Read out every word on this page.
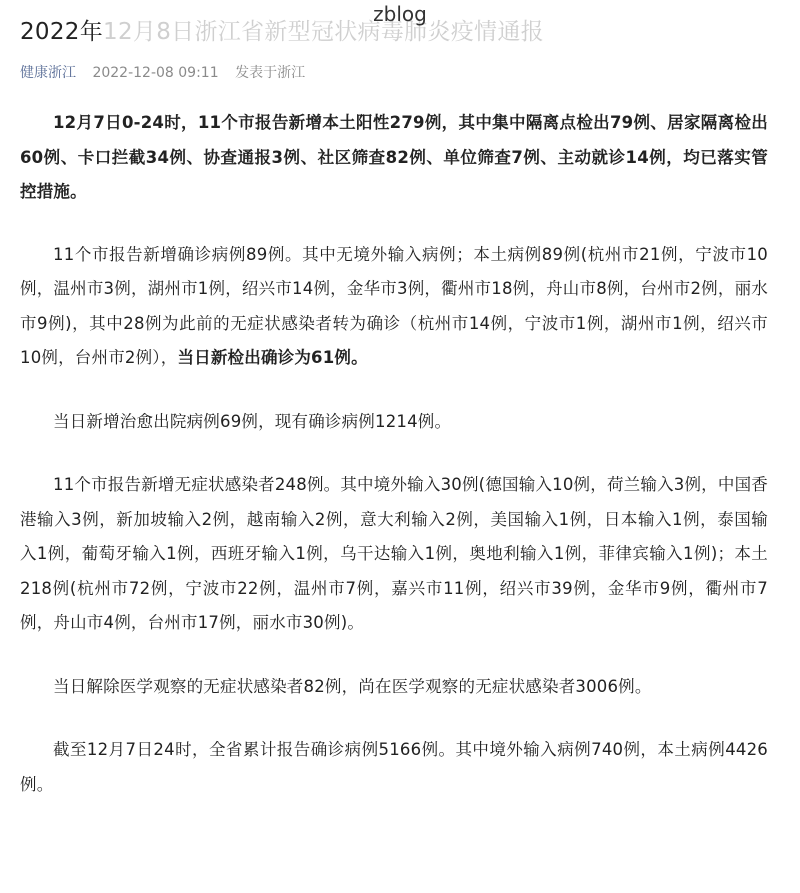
zblog
2022年12月8日浙江省新型冠状病毒肺炎疫情通报
健康浙江 2022-12-08 09:11 发表于浙江

12月7日0-24时，11个市报告新增本土阳性279例，其中集中隔离点检出79例、居家隔离检出60例、卡口拦截34例、协查通报3例、社区筛查82例、单位筛查7例、主动就诊14例，均已落实管控措施。

11个市报告新增确诊病例89例。其中无境外输入病例；本土病例89例(杭州市21例，宁波市10例，温州市3例，湖州市1例，绍兴市14例，金华市3例，衢州市18例，舟山市8例，台州市2例，丽水市9例)，其中28例为此前的无症状感染者转为确诊（杭州市14例，宁波市1例，湖州市1例，绍兴市10例，台州市2例），当日新检出确诊为61例。

当日新增治愈出院病例69例，现有确诊病例1214例。

11个市报告新增无症状感染者248例。其中境外输入30例(德国输入10例，荷兰输入3例，中国香港输入3例，新加坡输入2例，越南输入2例，意大利输入2例，美国输入1例，日本输入1例，泰国输入1例，葡萄牙输入1例，西班牙输入1例，乌干达输入1例，奥地利输入1例，菲律宾输入1例)；本土218例(杭州市72例，宁波市22例，温州市7例，嘉兴市11例，绍兴市39例，金华市9例，衢州市7例，舟山市4例，台州市17例，丽水市30例)。

当日解除医学观察的无症状感染者82例，尚在医学观察的无症状感染者3006例。

截至12月7日24时，全省累计报告确诊病例5166例。其中境外输入病例740例，本土病例4426例。
